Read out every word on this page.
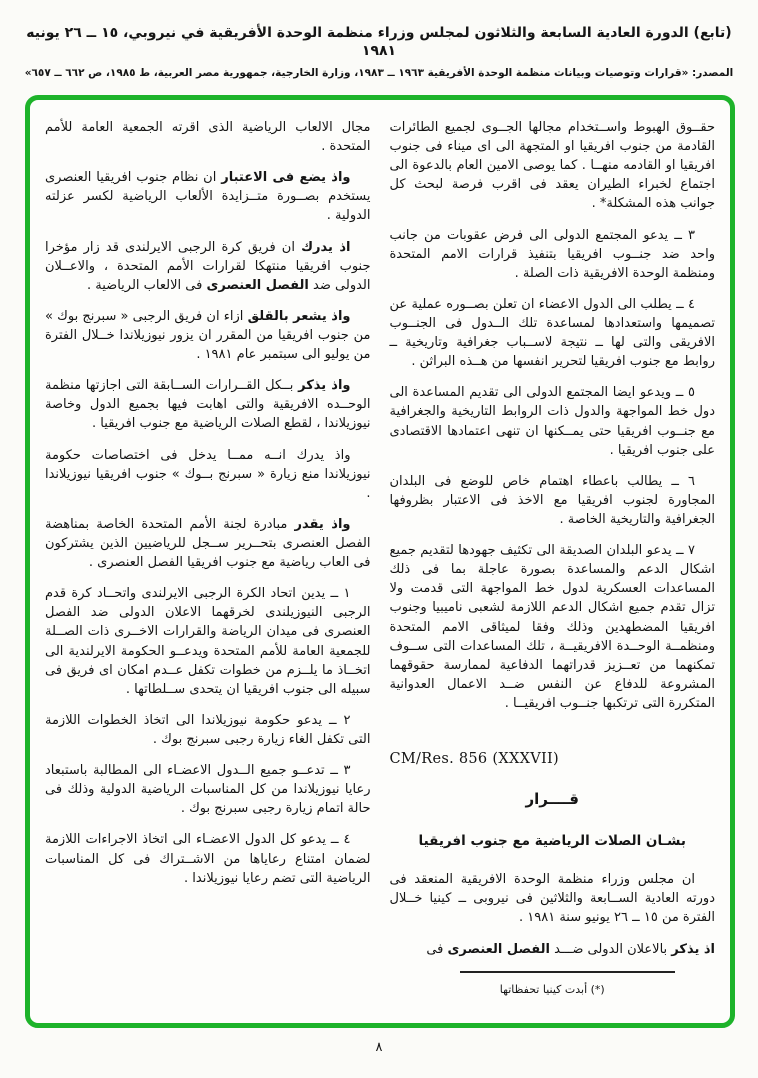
(تابع) الدورة العادية السابعة والثلاثون لمجلس وزراء منظمة الوحدة الأفريقية في نيروبي، ١٥ ــ ٢٦ يونيه ١٩٨١
المصدر: «قرارات وتوصيات وبيانات منظمة الوحدة الأفريقية ١٩٦٣ ــ ١٩٨٣، وزارة الخارجية، جمهورية مصر العربية، ط ١٩٨٥، ص ٦٦٢ ــ ٦٥٧»
حقــوق الهبوط واســتخدام مجالها الجــوى لجميع الطائرات القادمة من جنوب افريقيا او المتجهة الى اى ميناء فى جنوب افريقيا او القادمه منهــا . كما يوصى الامين العام بالدعوة الى اجتماع لخبراء الطيران يعقد فى اقرب فرصة لبحث كل جوانب هذه المشكلة* .
٣ ــ يدعو المجتمع الدولى الى فرض عقوبات من جانب واحد ضد جنــوب افريقيا بتنفيذ قرارات الامم المتحدة ومنظمة الوحدة الافريقية ذات الصلة .
٤ ــ يطلب الى الدول الاعضاء ان تعلن بصــوره عملية عن تصميمها واستعدادها لمساعدة تلك الــدول فى الجنــوب الافريقى والتى لها ــ نتيجة لاســباب جغرافية وتاريخية ــ روابط مع جنوب افريقيا لتحرير انفسها من هــذه البراثن .
٥ ــ ويدعو ايضا المجتمع الدولى الى تقديم المساعدة الى دول خط المواجهة والدول ذات الروابط التاريخية والجغرافية مع جنــوب افريقيا حتى يمــكنها ان تنهى اعتمادها الاقتصادى على جنوب افريقيا .
٦ ــ يطالب باعطاء اهتمام خاص للوضع فى البلدان المجاورة لجنوب افريقيا مع الاخذ فى الاعتبار بظروفها الجغرافية والتاريخية الخاصة .
٧ ــ يدعو البلدان الصديقة الى تكثيف جهودها لتقديم جميع اشكال الدعم والمساعدة بصورة عاجلة بما فى ذلك المساعدات العسكرية لدول خط المواجهة التى قدمت ولا تزال تقدم جميع اشكال الدعم اللازمة لشعبى ناميبيا وجنوب افريقيا المضطهدين وذلك وفقا لميثاقى الامم المتحدة ومنظمــة الوحــدة الافريقيــة ، تلك المساعدات التى ســوف تمكنهما من تعــزيز قدراتهما الدفاعية لممارسة حقوقهما المشروعة للدفاع عن النفس ضــد الاعمال العدوانية المتكررة التى ترتكبها جنــوب افريقيــا .
CM/Res. 856 (XXXVII)
قــــرار
بشـان الصلات الرياضية مع جنوب افريقيا
ان مجلس وزراء منظمة الوحدة الافريقية المنعقد فى دورته العادية الســابعة والثلاثين فى نيروبى ــ كينيا خــلال الفترة من ١٥ ــ ٢٦ يونيو سنة ١٩٨١ .
اذ يذكر بالاعلان الدولى ضـــد الفصل العنصرى فى
(*) أبدت كينيا تحفظاتها
مجال الالعاب الرياضية الذى اقرته الجمعية العامة للأمم المتحدة .
واذ يضع فى الاعتبار ان نظام جنوب افريقيا العنصرى يستخدم بصــورة متــزايدة الألعاب الرياضية لكسر عزلته الدولية .
اذ يدرك ان فريق كرة الرجبى الايرلندى قد زار مؤخرا جنوب افريقيا منتهكا لقرارات الأمم المتحدة ، والاعــلان الدولى ضد الفصل العنصرى فى الالعاب الرياضية .
واذ يشعر بالقلق ازاء ان فريق الرجبى « سبرنج بوك » من جنوب افريقيا من المقرر ان يزور نيوزيلاندا خــلال الفترة من يوليو الى سبتمبر عام ١٩٨١ .
واذ يذكر بــكل القــرارات الســابقة التى اجازتها منظمة الوحــده الافريقية والتى اهابت فيها بجميع الدول وخاصة نيوزيلاندا ، لقطع الصلات الرياضية مع جنوب افريقيا .
واذ يدرك انــه ممــا يدخل فى اختصاصات حكومة نيوزيلاندا منع زيارة « سبرنج بــوك » جنوب افريقيا نيوزيلاندا .
واذ يقدر مبادرة لجنة الأمم المتحدة الخاصة بمناهضة الفصل العنصرى بتحــرير ســجل للرياضيين الذين يشتركون فى العاب رياضية مع جنوب افريقيا الفصل العنصرى .
١ ــ يدين اتحاد الكرة الرجبى الايرلندى واتحــاد كرة قدم الرجبى النيوزيلندى لخرقهما الاعلان الدولى ضد الفصل العنصرى فى ميدان الرياضة والقرارات الاخــرى ذات الصــلة للجمعية العامة للأمم المتحدة ويدعــو الحكومة الايرلندية الى اتخــاذ ما يلــزم من خطوات تكفل عــدم امكان اى فريق فى سبيله الى جنوب افريقيا ان يتحدى ســلطاتها .
٢ ــ يدعو حكومة نيوزيلاندا الى اتخاذ الخطوات اللازمة التى تكفل الغاء زيارة رجبى سبرنج بوك .
٣ ــ تدعــو جميع الــدول الاعضـاء الى المطالبة باستبعاد رعايا نيوزيلاندا من كل المناسبات الرياضية الدولية وذلك فى حالة اتمام زيارة رجبى سبرنج بوك .
٤ ــ يدعو كل الدول الاعضـاء الى اتخاذ الاجراءات اللازمة لضمان امتناع رعاياها من الاشــتراك فى كل المناسبات الرياضية التى تضم رعايا نيوزيلاندا .
٨
